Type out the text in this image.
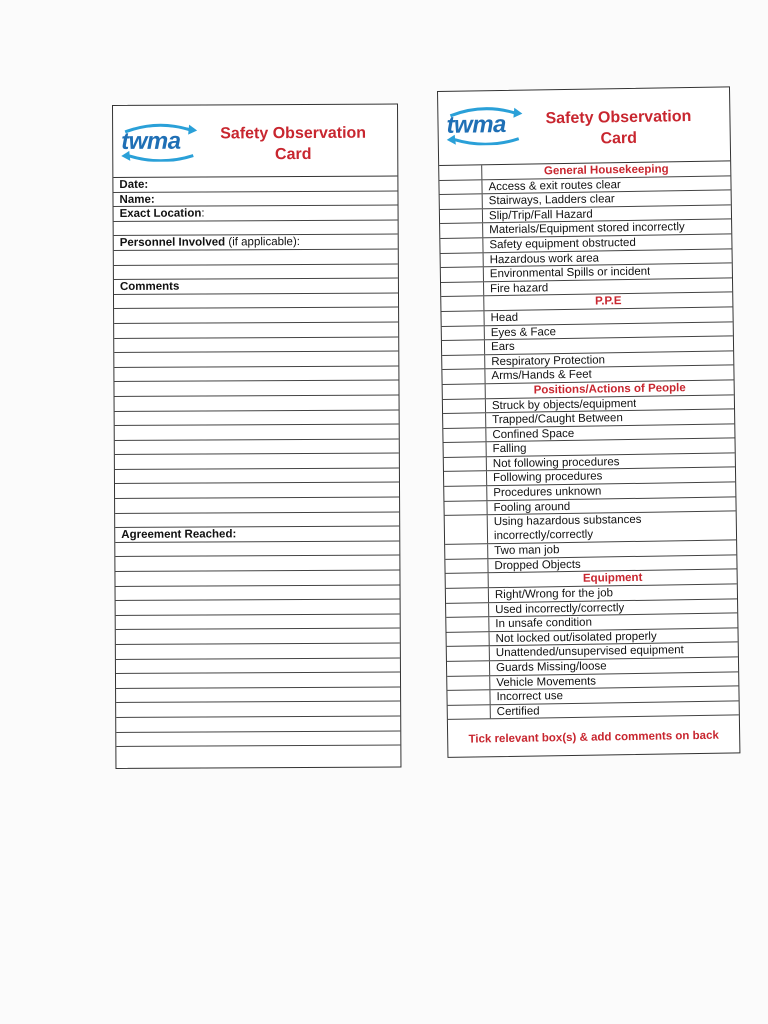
twma	Safety Observation
Card
Date:
Name:
Exact Location:
Personnel Involved (if applicable):
Comments
Agreement Reached:
twma	Safety Observation
Card
General Housekeeping
Access & exit routes clear
Stairways, Ladders clear
Slip/Trip/Fall Hazard
Materials/Equipment stored incorrectly
Safety equipment obstructed
Hazardous work area
Environmental Spills or incident
Fire hazard
P.P.E
Head
Eyes & Face
Ears
Respiratory Protection
Arms/Hands & Feet
Positions/Actions of People
Struck by objects/equipment
Trapped/Caught Between
Confined Space
Falling
Not following procedures
Following procedures
Procedures unknown
Fooling around
Using hazardous substances incorrectly/correctly
Two man job
Dropped Objects
Equipment
Right/Wrong for the job
Used incorrectly/correctly
In unsafe condition
Not locked out/isolated properly
Unattended/unsupervised equipment
Guards Missing/loose
Vehicle Movements
Incorrect use
Certified
Tick relevant box(s) & add comments on back
